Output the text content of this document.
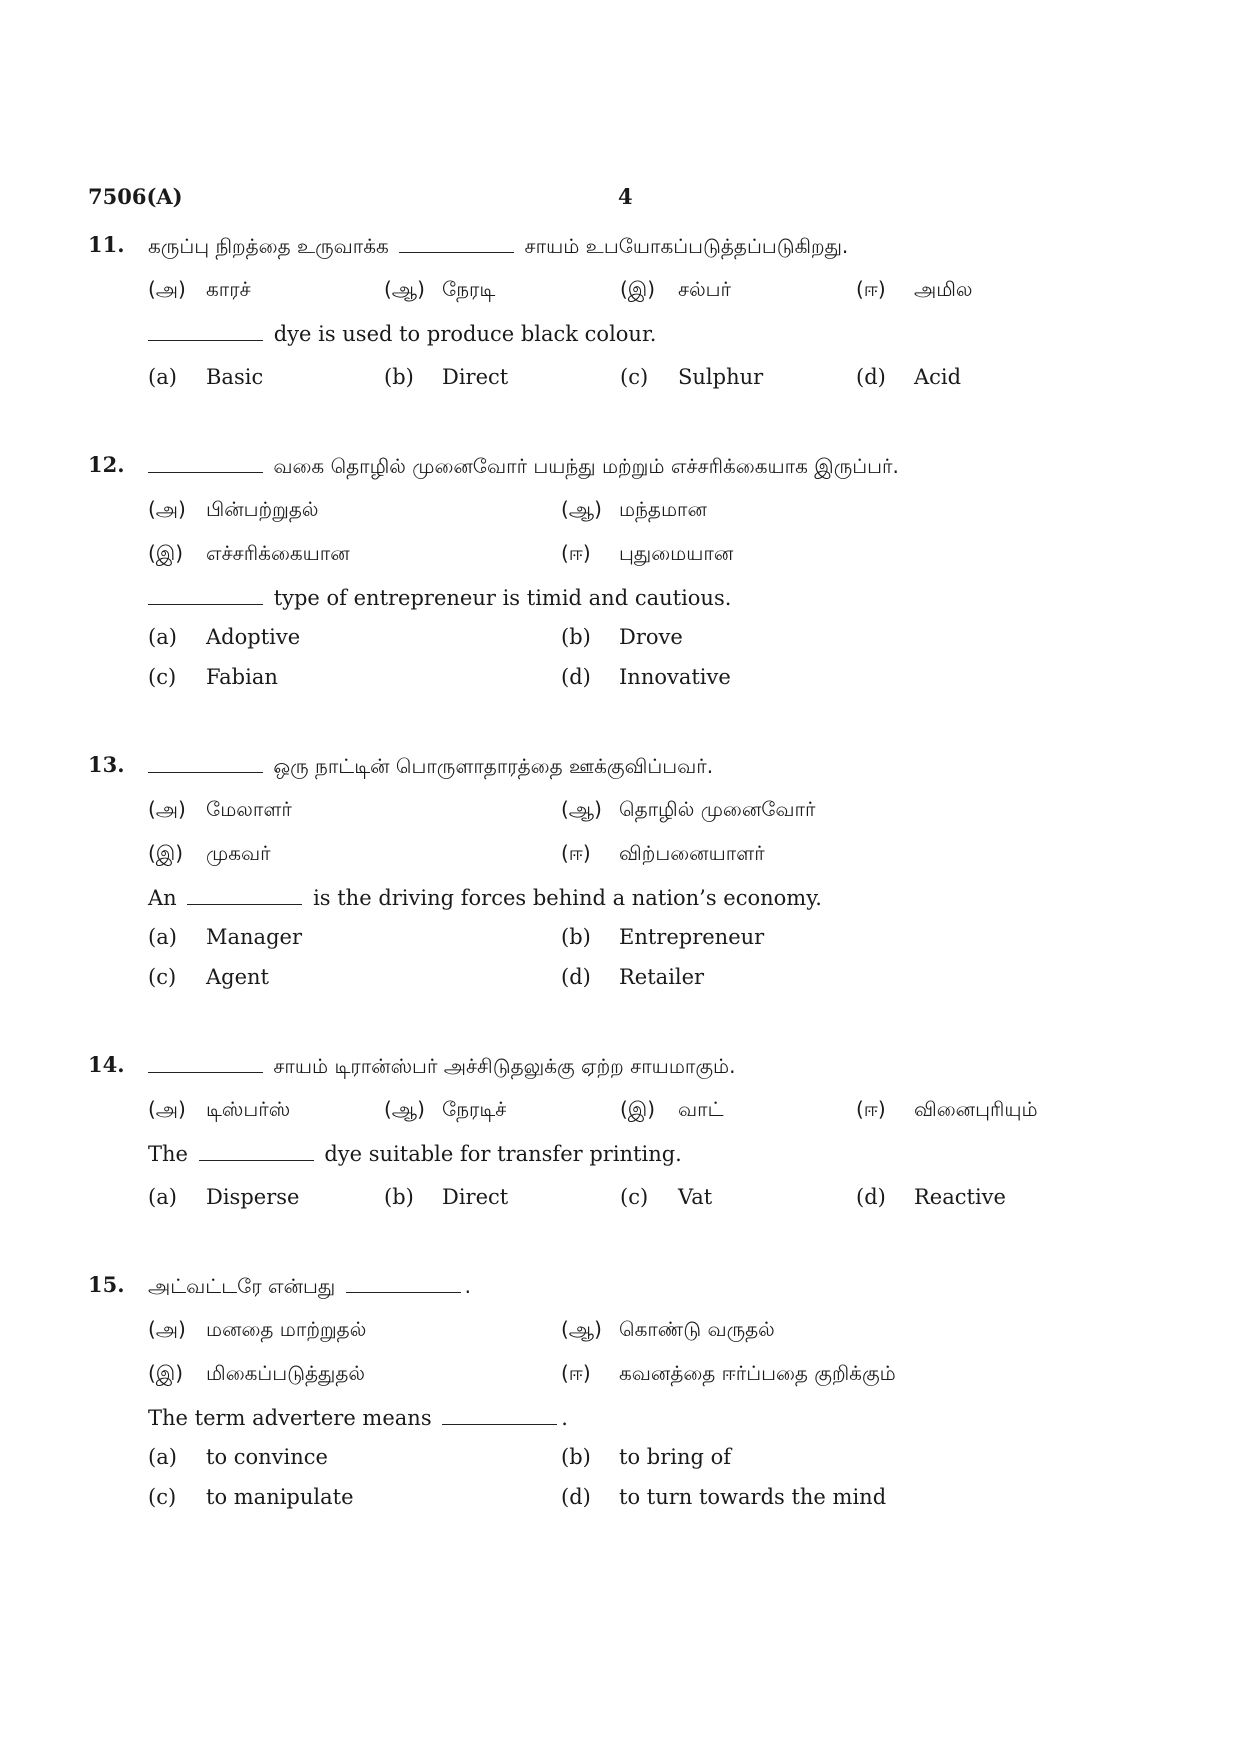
7506(A)	4
11. கருப்பு நிறத்தை உருவாக்க	சாயம் உபயோகப்படுத்தப்படுகிறது.
(அ) காரச்	(ஆ) நேரடி	(இ) சல்பர்	(ஈ) அமில
dye is used to produce black colour.
(a) Basic	(b) Direct	(c) Sulphur	(d) Acid
12.	வகை தொழில் முனைவோர் பயந்து மற்றும் எச்சரிக்கையாக இருப்பர்.
(அ) பின்பற்றுதல்	(ஆ) மந்தமான
(இ) எச்சரிக்கையான	(ஈ) புதுமையான
type of entrepreneur is timid and cautious.
(a) Adoptive	(b) Drove
(c) Fabian	(d) Innovative
13.	ஒரு நாட்டின் பொருளாதாரத்தை ஊக்குவிப்பவர்.
(அ) மேலாளர்	(ஆ) தொழில் முனைவோர்
(இ) முகவர்	(ஈ) விற்பனையாளர்
An	is the driving forces behind a nation’s economy.
(a) Manager	(b) Entrepreneur
(c) Agent	(d) Retailer
14.	சாயம் டிரான்ஸ்பர் அச்சிடுதலுக்கு ஏற்ற சாயமாகும்.
(அ) டிஸ்பர்ஸ்	(ஆ) நேரடிச்	(இ) வாட்	(ஈ) வினைபுரியும்
The	dye suitable for transfer printing.
(a) Disperse	(b) Direct	(c) Vat	(d) Reactive
15. அட்வட்டரே என்பது	.
(அ) மனதை மாற்றுதல்	(ஆ) கொண்டு வருதல்
(இ) மிகைப்படுத்துதல்	(ஈ) கவனத்தை ஈர்ப்பதை குறிக்கும்
The term advertere means	.
(a) to convince	(b) to bring of
(c) to manipulate	(d) to turn towards the mind
